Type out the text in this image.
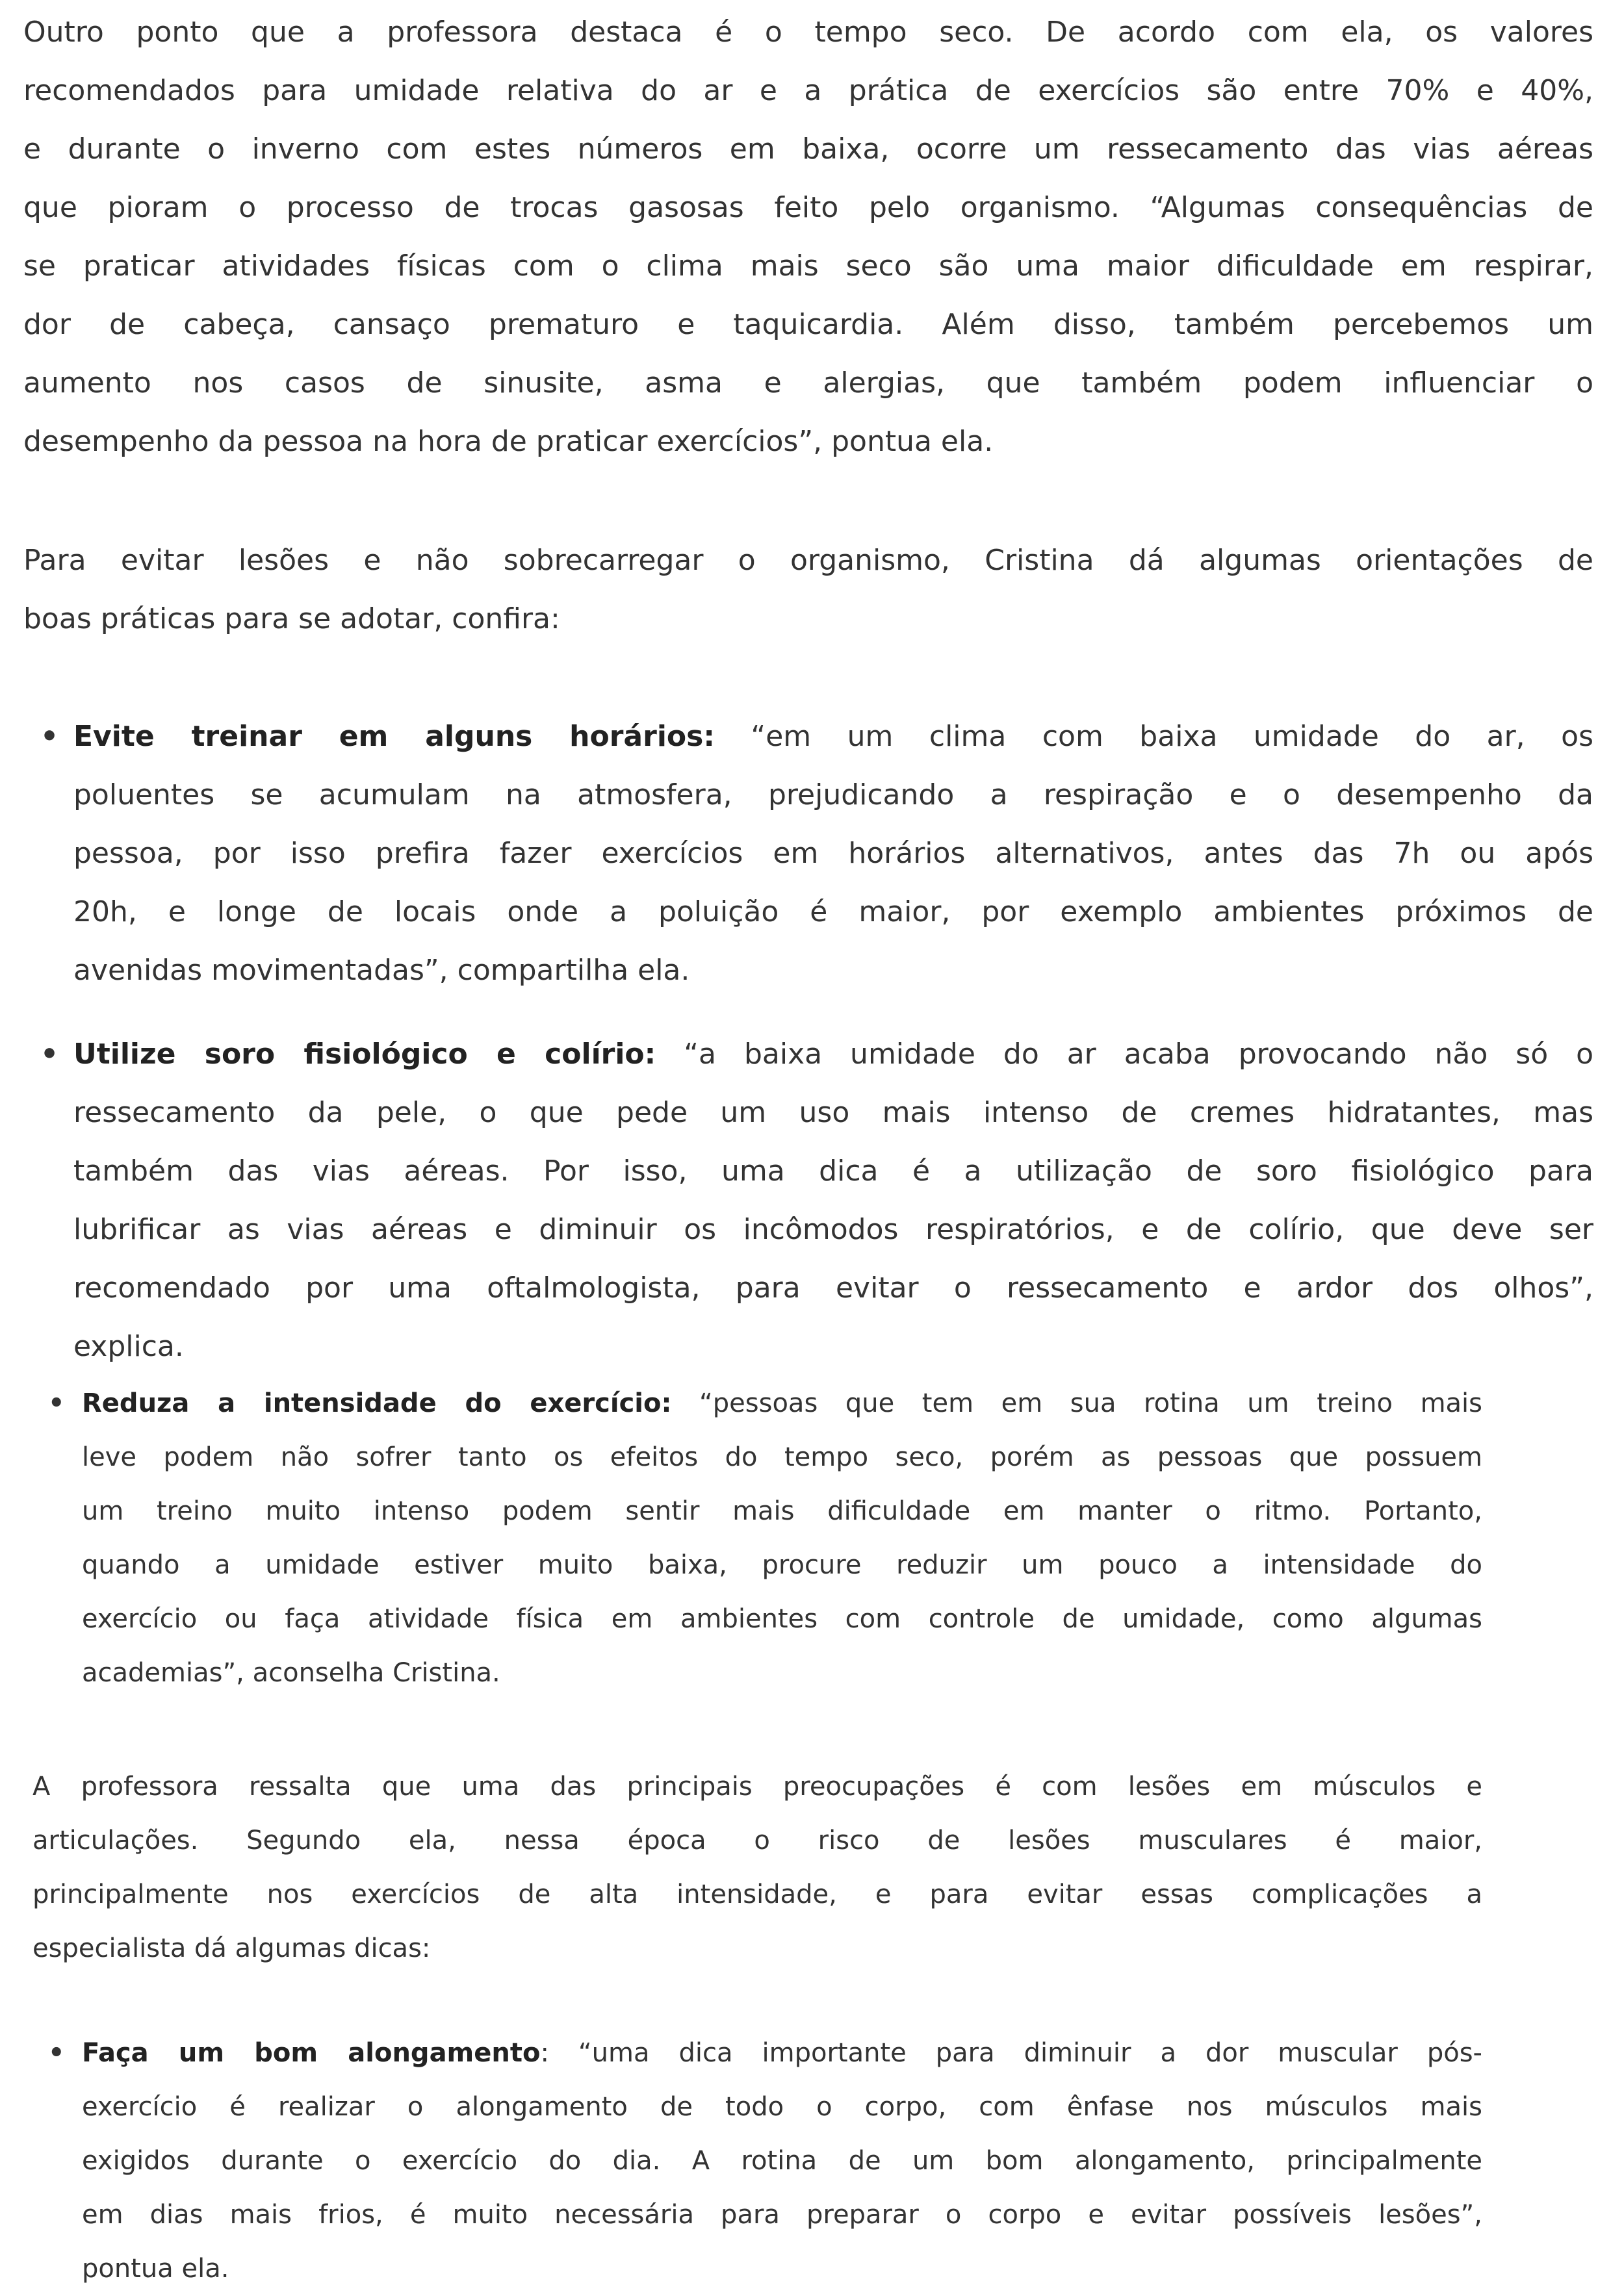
Outro ponto que a professora destaca é o tempo seco. De acordo com ela, os valores
recomendados para umidade relativa do ar e a prática de exercícios são entre 70% e 40%,
e durante o inverno com estes números em baixa, ocorre um ressecamento das vias aéreas
que pioram o processo de trocas gasosas feito pelo organismo. “Algumas consequências de
se praticar atividades físicas com o clima mais seco são uma maior dificuldade em respirar,
dor de cabeça, cansaço prematuro e taquicardia. Além disso, também percebemos um
aumento nos casos de sinusite, asma e alergias, que também podem influenciar o
desempenho da pessoa na hora de praticar exercícios”, pontua ela.
Para evitar lesões e não sobrecarregar o organismo, Cristina dá algumas orientações de
boas práticas para se adotar, confira:
• Evite treinar em alguns horários: “em um clima com baixa umidade do ar, os
poluentes se acumulam na atmosfera, prejudicando a respiração e o desempenho da
pessoa, por isso prefira fazer exercícios em horários alternativos, antes das 7h ou após
20h, e longe de locais onde a poluição é maior, por exemplo ambientes próximos de
avenidas movimentadas”, compartilha ela.
• Utilize soro fisiológico e colírio: “a baixa umidade do ar acaba provocando não só o
ressecamento da pele, o que pede um uso mais intenso de cremes hidratantes, mas
também das vias aéreas. Por isso, uma dica é a utilização de soro fisiológico para
lubrificar as vias aéreas e diminuir os incômodos respiratórios, e de colírio, que deve ser
recomendado por uma oftalmologista, para evitar o ressecamento e ardor dos olhos”,
explica.
• Reduza a intensidade do exercício: “pessoas que tem em sua rotina um treino mais
leve podem não sofrer tanto os efeitos do tempo seco, porém as pessoas que possuem
um treino muito intenso podem sentir mais dificuldade em manter o ritmo. Portanto,
quando a umidade estiver muito baixa, procure reduzir um pouco a intensidade do
exercício ou faça atividade física em ambientes com controle de umidade, como algumas
academias”, aconselha Cristina.
A professora ressalta que uma das principais preocupações é com lesões em músculos e
articulações. Segundo ela, nessa época o risco de lesões musculares é maior,
principalmente nos exercícios de alta intensidade, e para evitar essas complicações a
especialista dá algumas dicas:
• Faça um bom alongamento: “uma dica importante para diminuir a dor muscular pós-
exercício é realizar o alongamento de todo o corpo, com ênfase nos músculos mais
exigidos durante o exercício do dia. A rotina de um bom alongamento, principalmente
em dias mais frios, é muito necessária para preparar o corpo e evitar possíveis lesões”,
pontua ela.
